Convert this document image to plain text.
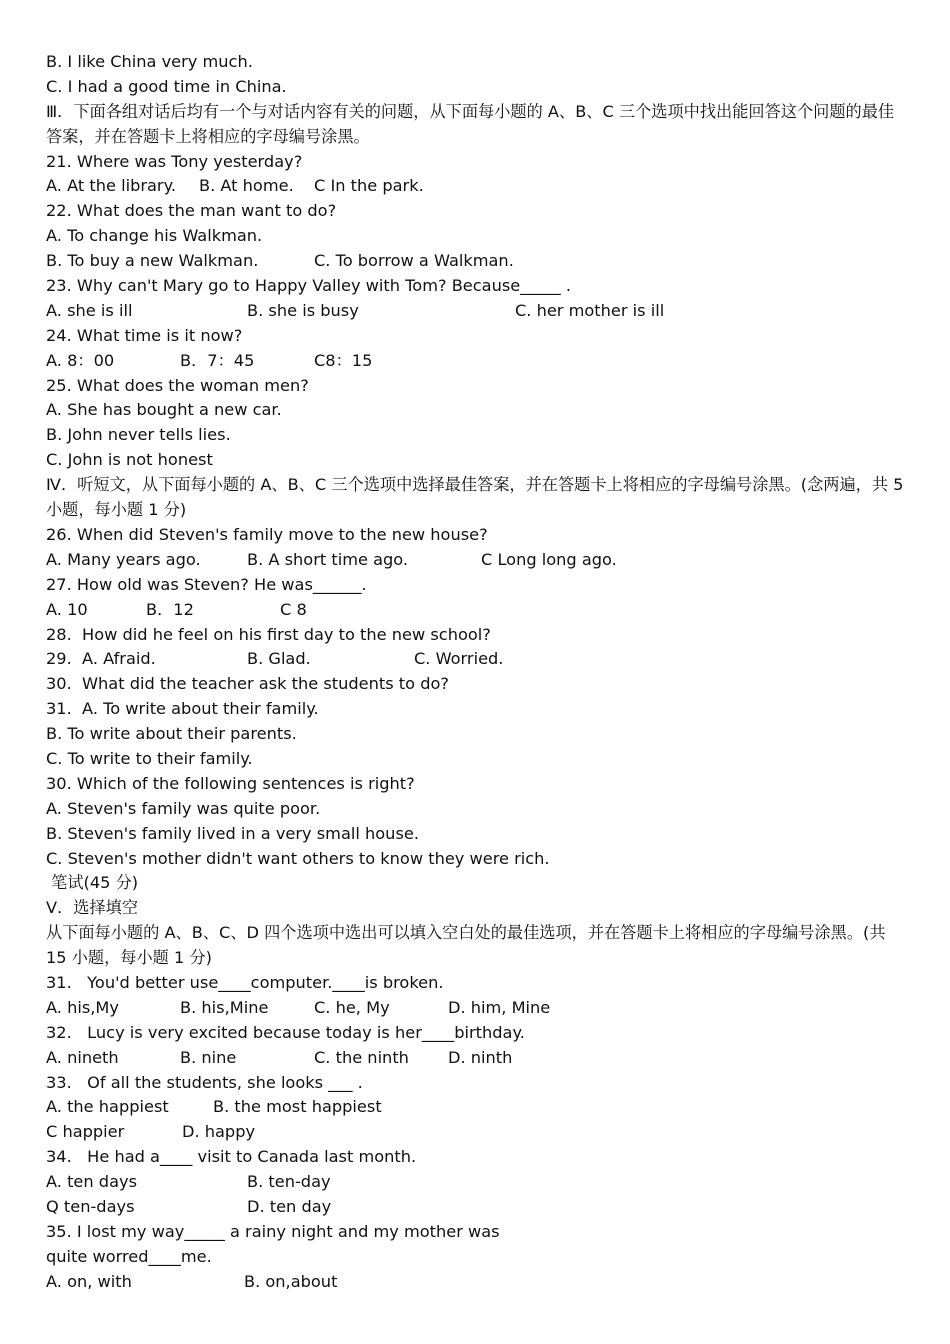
B. I like China very much.
C. I had a good time in China.
Ⅲ．下面各组对话后均有一个与对话内容有关的问题，从下面每小题的 A、B、C 三个选项中找出能回答这个问题的最佳答案，并在答题卡上将相应的字母编号涂黑。
21. Where was Tony yesterday?
A. At the library. B. At home. C In the park.
22. What does the man want to do?
A. To change his Walkman.
B. To buy a new Walkman.	C. To borrow a Walkman.
23. Why can't Mary go to Happy Valley with Tom? Because_____ .
A. she is ill	B. she is busy	C. her mother is ill
24. What time is it now?
A. 8：00	B．7：45	C8：15
25. What does the woman men?
A. She has bought a new car.
B. John never tells lies.
C. John is not honest
Ⅳ．听短文，从下面每小题的 A、B、C 三个选项中选择最佳答案，并在答题卡上将相应的字母编号涂黑。(念两遍，共 5 小题，每小题 1 分)
26. When did Steven's family move to the new house?
A. Many years ago.	B. A short time ago.	C Long long ago.
27. How old was Steven? He was______.
A. 10	B．12	C 8
28.  How did he feel on his first day to the new school?
29.  A. Afraid.	B. Glad.	C. Worried.
30.  What did the teacher ask the students to do?
31.  A. To write about their family.
B. To write about their parents.
C. To write to their family.
30. Which of the following sentences is right?
A. Steven's family was quite poor.
B. Steven's family lived in a very small house.
C. Steven's mother didn't want others to know they were rich.
笔试(45 分)
Ⅴ．选择填空
从下面每小题的 A、B、C、D 四个选项中选出可以填入空白处的最佳选项，并在答题卡上将相应的字母编号涂黑。(共 15 小题，每小题 1 分)
31.   You'd better use____computer.____is broken.
A. his,My	B. his,Mine	C. he, My	D. him, Mine
32.   Lucy is very excited because today is her____birthday.
A. nineth	B. nine	C. the ninth D. ninth
33.   Of all the students, she looks ___ .
A. the happiest	B. the most happiest
C happier	D. happy
34.   He had a____ visit to Canada last month.
A. ten days	B. ten-day
Q ten-days	D. ten day
35. I lost my way_____ a rainy night and my mother was
quite worred____me.
A. on, with	B. on,about
